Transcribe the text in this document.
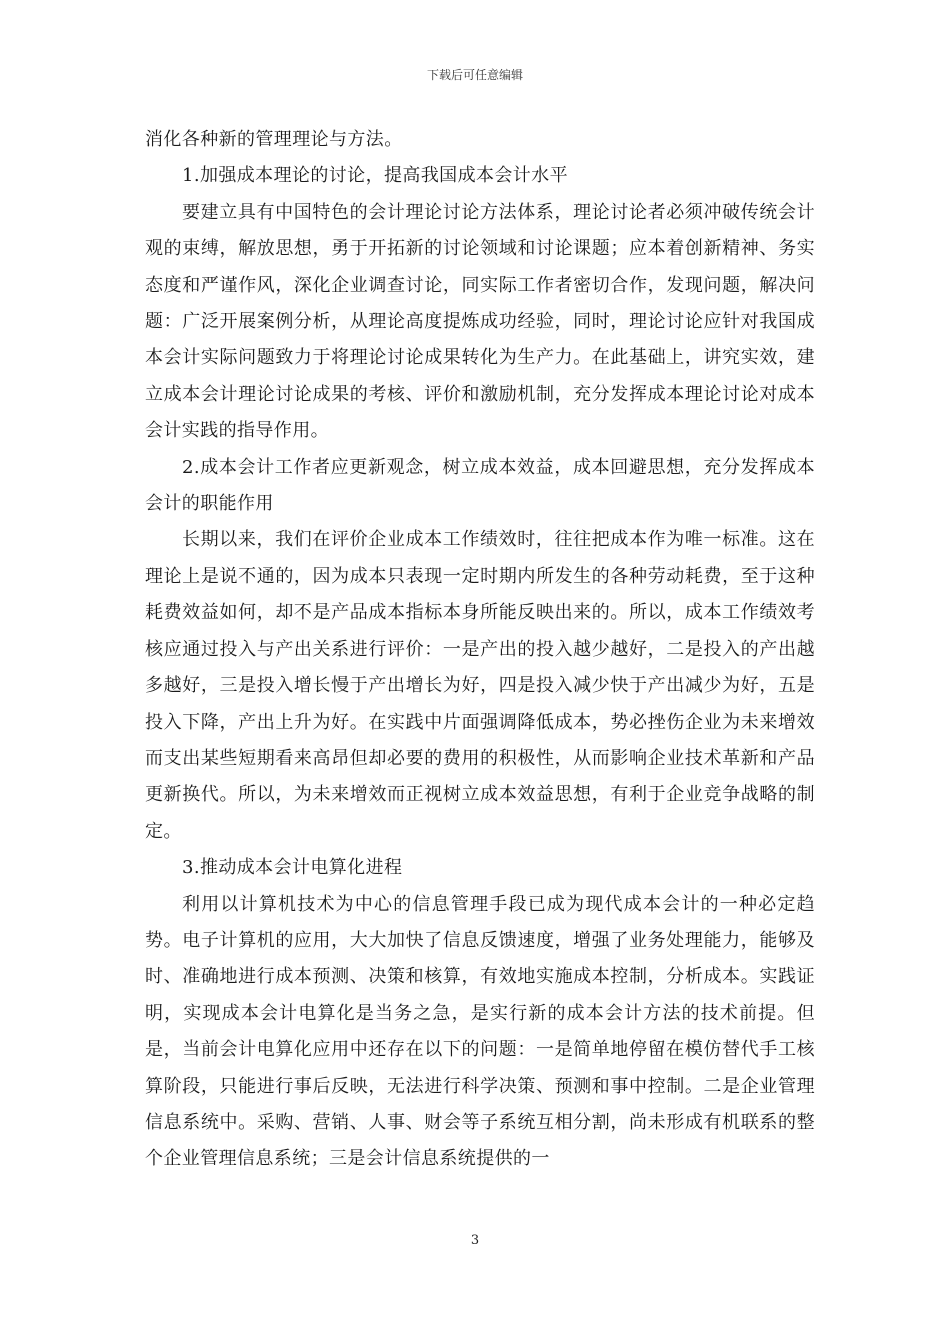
下载后可任意编辑

消化各种新的管理理论与方法。

1.加强成本理论的讨论，提高我国成本会计水平

要建立具有中国特色的会计理论讨论方法体系，理论讨论者必须冲破传统会计观的束缚，解放思想，勇于开拓新的讨论领域和讨论课题；应本着创新精神、务实态度和严谨作风，深化企业调查讨论，同实际工作者密切合作，发现问题，解决问题：广泛开展案例分析，从理论高度提炼成功经验，同时，理论讨论应针对我国成本会计实际问题致力于将理论讨论成果转化为生产力。在此基础上，讲究实效，建立成本会计理论讨论成果的考核、评价和激励机制，充分发挥成本理论讨论对成本会计实践的指导作用。

2.成本会计工作者应更新观念，树立成本效益，成本回避思想，充分发挥成本会计的职能作用

长期以来，我们在评价企业成本工作绩效时，往往把成本作为唯一标准。这在理论上是说不通的，因为成本只表现一定时期内所发生的各种劳动耗费，至于这种耗费效益如何，却不是产品成本指标本身所能反映出来的。所以，成本工作绩效考核应通过投入与产出关系进行评价：一是产出的投入越少越好，二是投入的产出越多越好，三是投入增长慢于产出增长为好，四是投入减少快于产出减少为好，五是投入下降，产出上升为好。在实践中片面强调降低成本，势必挫伤企业为未来增效而支出某些短期看来高昂但却必要的费用的积极性，从而影响企业技术革新和产品更新换代。所以，为未来增效而正视树立成本效益思想，有利于企业竞争战略的制定。

3.推动成本会计电算化进程

利用以计算机技术为中心的信息管理手段已成为现代成本会计的一种必定趋势。电子计算机的应用，大大加快了信息反馈速度，增强了业务处理能力，能够及时、准确地进行成本预测、决策和核算，有效地实施成本控制，分析成本。实践证明，实现成本会计电算化是当务之急，是实行新的成本会计方法的技术前提。但是，当前会计电算化应用中还存在以下的问题：一是简单地停留在模仿替代手工核算阶段，只能进行事后反映，无法进行科学决策、预测和事中控制。二是企业管理信息系统中。采购、营销、人事、财会等子系统互相分割，尚未形成有机联系的整个企业管理信息系统；三是会计信息系统提供的一

3
